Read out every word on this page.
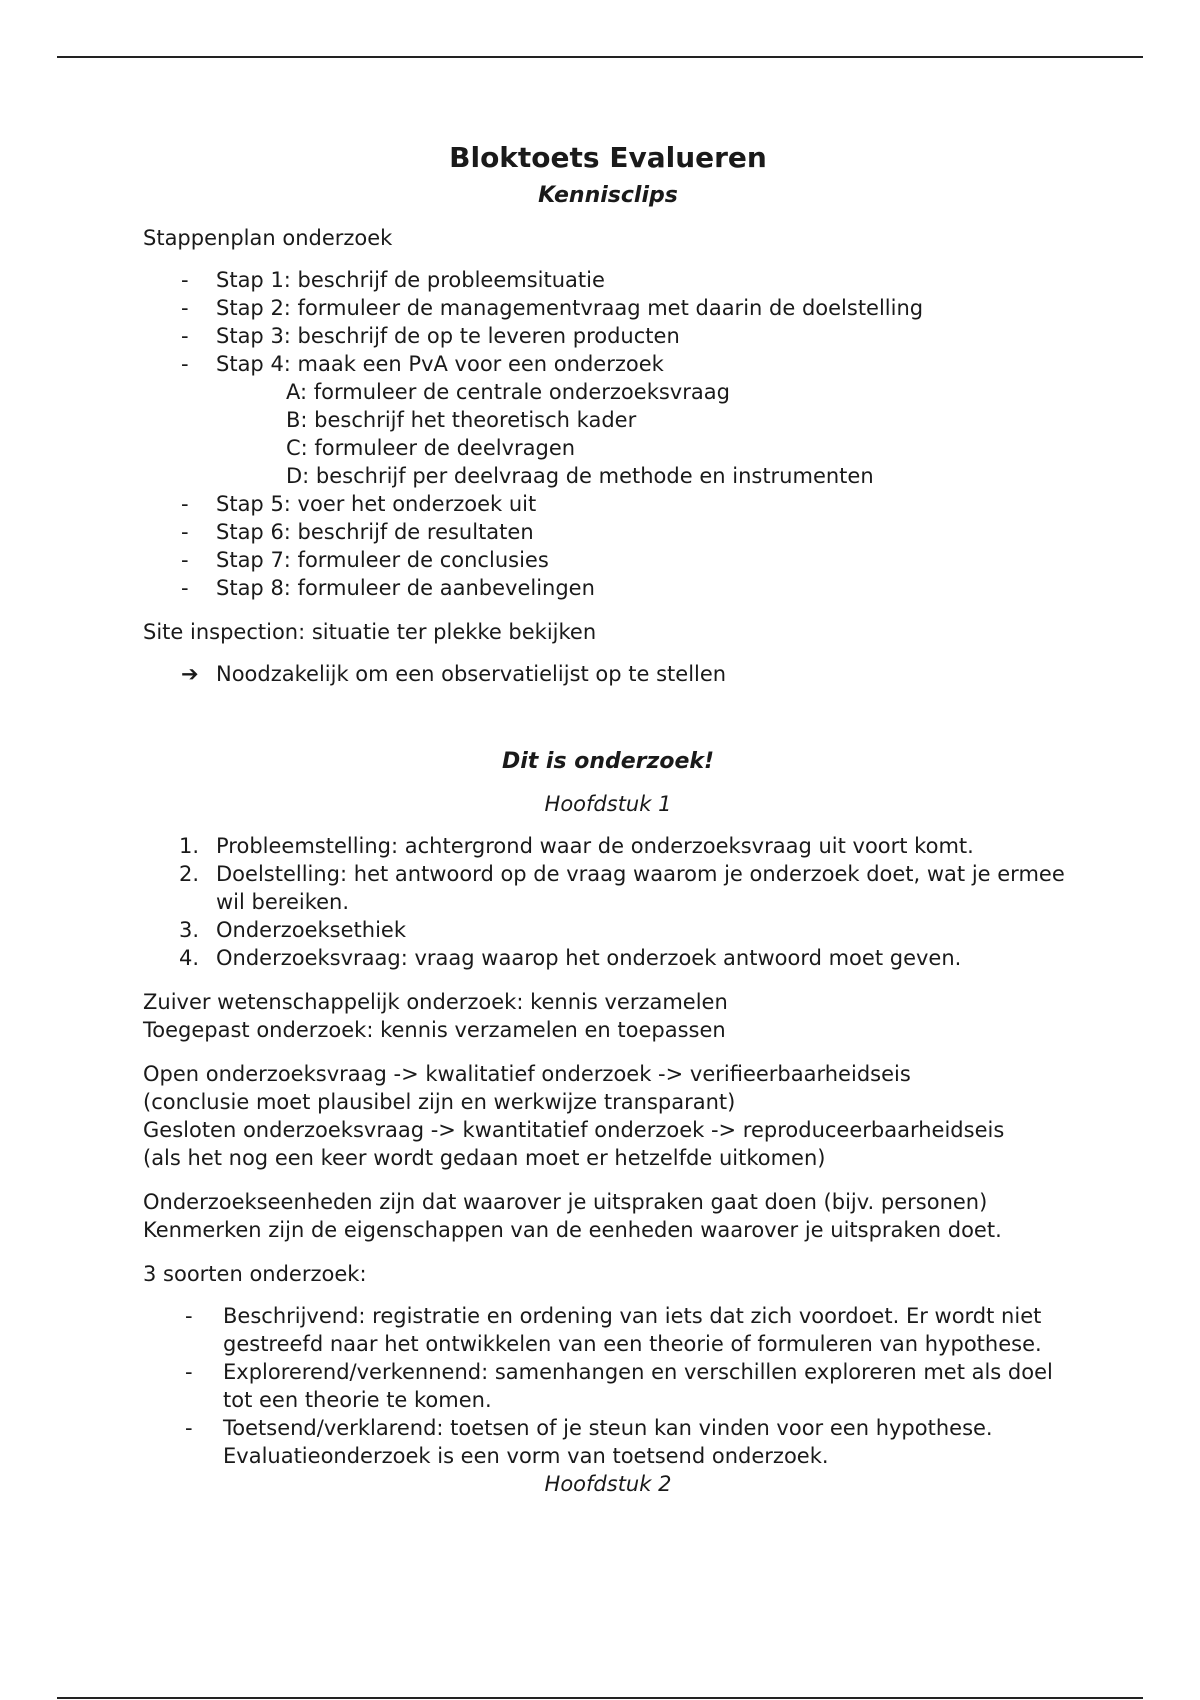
Bloktoets Evalueren

Kennisclips

Stappenplan onderzoek

- Stap 1: beschrijf de probleemsituatie
- Stap 2: formuleer de managementvraag met daarin de doelstelling
- Stap 3: beschrijf de op te leveren producten
- Stap 4: maak een PvA voor een onderzoek
A: formuleer de centrale onderzoeksvraag
B: beschrijf het theoretisch kader
C: formuleer de deelvragen
D: beschrijf per deelvraag de methode en instrumenten
- Stap 5: voer het onderzoek uit
- Stap 6: beschrijf de resultaten
- Stap 7: formuleer de conclusies
- Stap 8: formuleer de aanbevelingen

Site inspection: situatie ter plekke bekijken

➔ Noodzakelijk om een observatielijst op te stellen

Dit is onderzoek!

Hoofdstuk 1

1. Probleemstelling: achtergrond waar de onderzoeksvraag uit voort komt.
2. Doelstelling: het antwoord op de vraag waarom je onderzoek doet, wat je ermee wil bereiken.
3. Onderzoeksethiek
4. Onderzoeksvraag: vraag waarop het onderzoek antwoord moet geven.

Zuiver wetenschappelijk onderzoek: kennis verzamelen

Toegepast onderzoek: kennis verzamelen en toepassen

Open onderzoeksvraag -> kwalitatief onderzoek -> verifieerbaarheidseis

(conclusie moet plausibel zijn en werkwijze transparant)

Gesloten onderzoeksvraag -> kwantitatief onderzoek -> reproduceerbaarheidseis

(als het nog een keer wordt gedaan moet er hetzelfde uitkomen)

Onderzoekseenheden zijn dat waarover je uitspraken gaat doen (bijv. personen)

Kenmerken zijn de eigenschappen van de eenheden waarover je uitspraken doet.

3 soorten onderzoek:

- Beschrijvend: registratie en ordening van iets dat zich voordoet. Er wordt niet gestreefd naar het ontwikkelen van een theorie of formuleren van hypothese.
- Explorerend/verkennend: samenhangen en verschillen exploreren met als doel tot een theorie te komen.
- Toetsend/verklarend: toetsen of je steun kan vinden voor een hypothese. Evaluatieonderzoek is een vorm van toetsend onderzoek.

Hoofdstuk 2
